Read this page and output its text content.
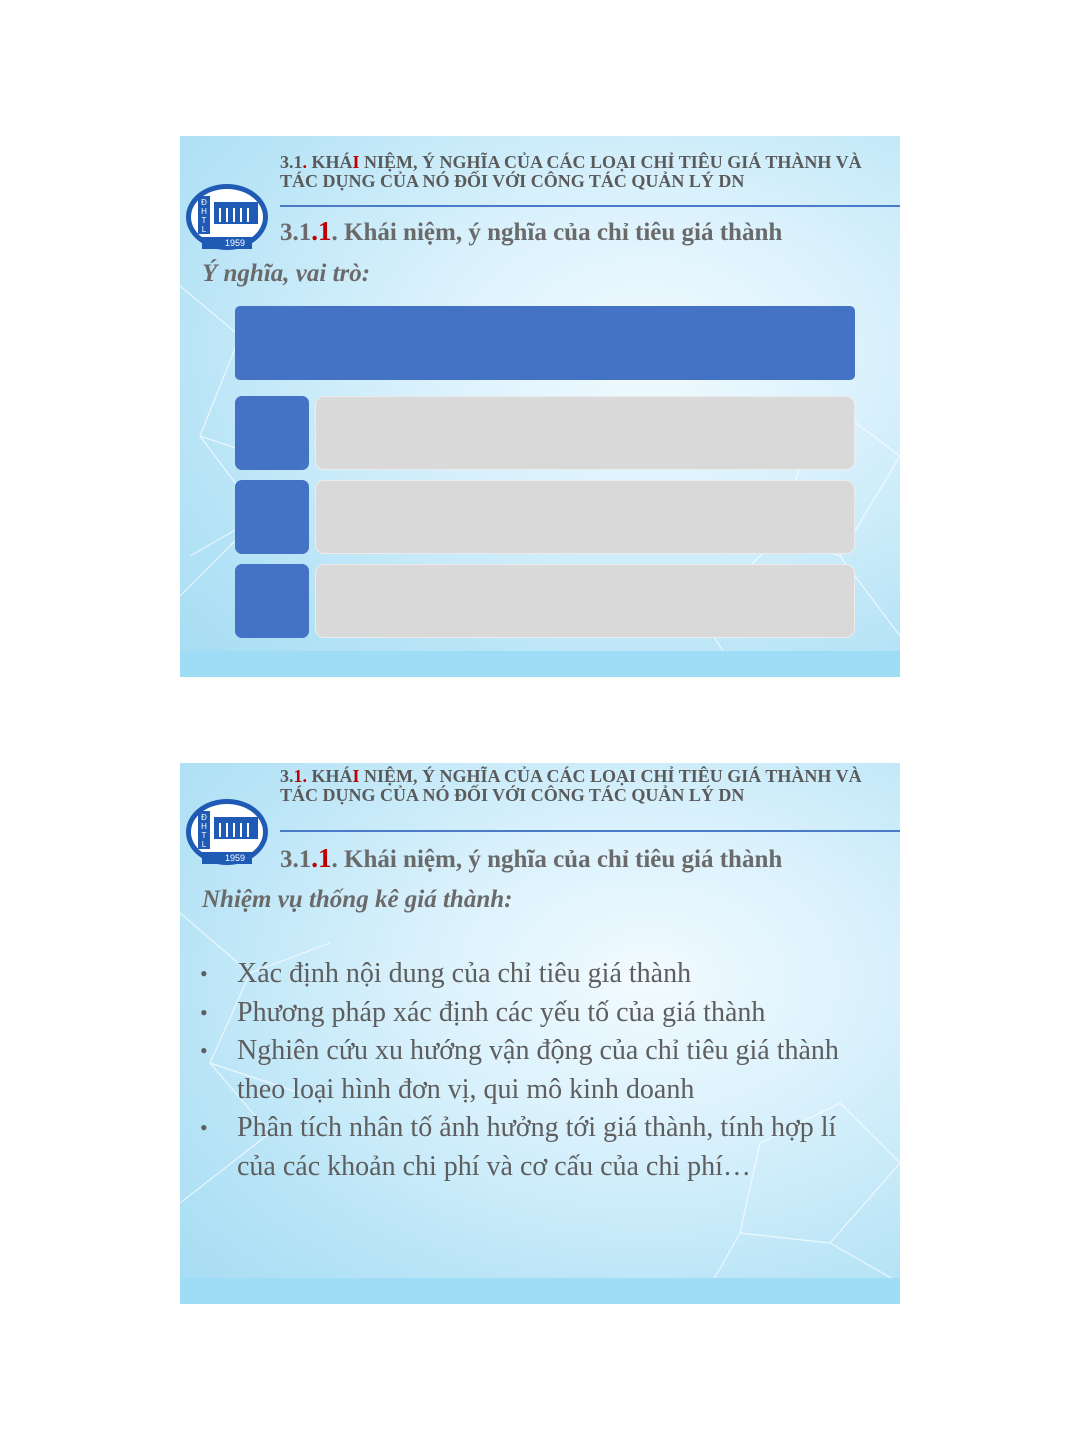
Đ
H
T
L
1959
3.1. KHÁI NIỆM, Ý NGHĨA CỦA CÁC LOẠI CHỈ TIÊU GIÁ THÀNH VÀ TÁC DỤNG CỦA NÓ ĐỐI VỚI CÔNG TÁC QUẢN LÝ DN
3.1.1. Khái niệm, ý nghĩa của chỉ tiêu giá thành
Ý nghĩa, vai trò:
Đ
H
T
L
1959
3.1. KHÁI NIỆM, Ý NGHĨA CỦA CÁC LOẠI CHỈ TIÊU GIÁ THÀNH VÀ TÁC DỤNG CỦA NÓ ĐỐI VỚI CÔNG TÁC QUẢN LÝ DN
3.1.1. Khái niệm, ý nghĩa của chỉ tiêu giá thành
Nhiệm vụ thống kê giá thành:
• Xác định nội dung của chỉ tiêu giá thành
• Phương pháp xác định các yếu tố của giá thành
• Nghiên cứu xu hướng vận động của chỉ tiêu giá thành theo loại hình đơn vị, qui mô kinh doanh
• Phân tích nhân tố ảnh hưởng tới giá thành, tính hợp lí của các khoản chi phí và cơ cấu của chi phí…
